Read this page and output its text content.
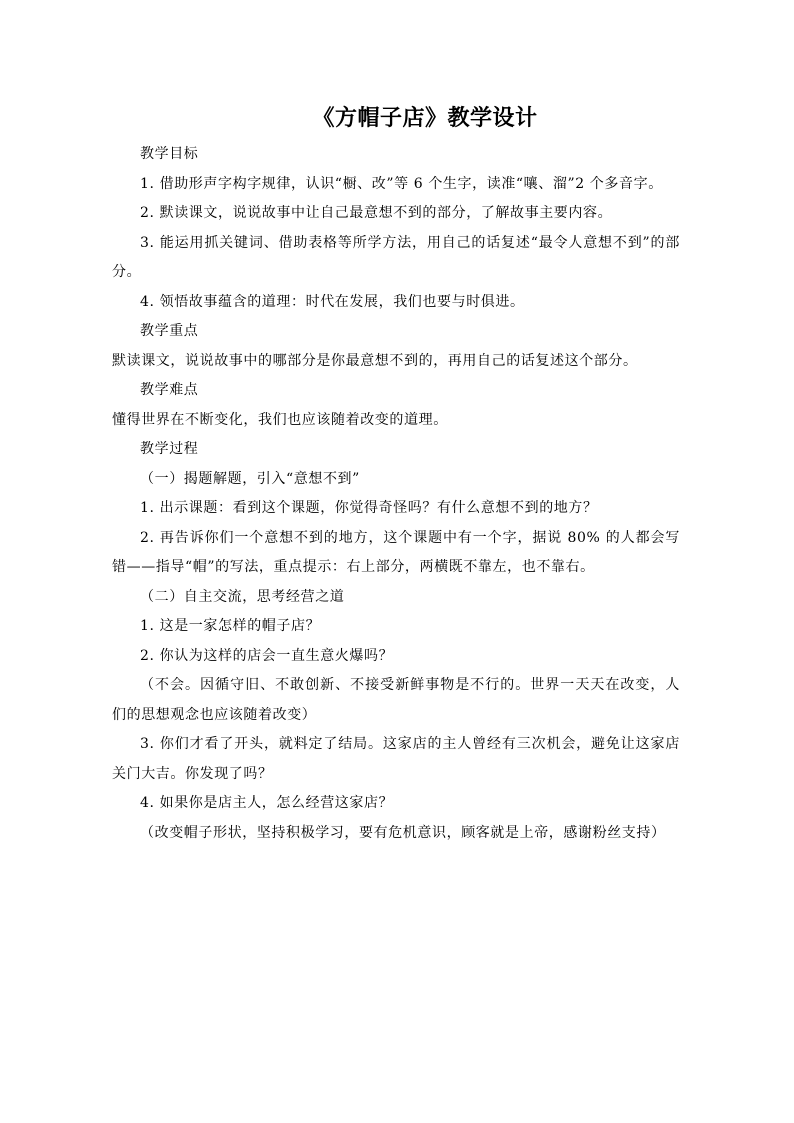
《方帽子店》教学设计

教学目标

1. 借助形声字构字规律，认识“橱、改”等 6 个生字，读准“嚷、溜”2 个多音字。

2. 默读课文，说说故事中让自己最意想不到的部分，了解故事主要内容。

3. 能运用抓关键词、借助表格等所学方法，用自己的话复述“最令人意想不到”的部分。

4. 领悟故事蕴含的道理：时代在发展，我们也要与时俱进。

教学重点

默读课文，说说故事中的哪部分是你最意想不到的，再用自己的话复述这个部分。

教学难点

懂得世界在不断变化，我们也应该随着改变的道理。

教学过程

（一）揭题解题，引入“意想不到”

1. 出示课题：看到这个课题，你觉得奇怪吗？有什么意想不到的地方？

2. 再告诉你们一个意想不到的地方，这个课题中有一个字，据说 80% 的人都会写错——指导“帽”的写法，重点提示：右上部分，两横既不靠左，也不靠右。

（二）自主交流，思考经营之道

1. 这是一家怎样的帽子店？

2. 你认为这样的店会一直生意火爆吗？

（不会。因循守旧、不敢创新、不接受新鲜事物是不行的。世界一天天在改变，人们的思想观念也应该随着改变）

3. 你们才看了开头，就料定了结局。这家店的主人曾经有三次机会，避免让这家店关门大吉。你发现了吗？

4. 如果你是店主人，怎么经营这家店？

（改变帽子形状，坚持积极学习，要有危机意识，顾客就是上帝，感谢粉丝支持）
